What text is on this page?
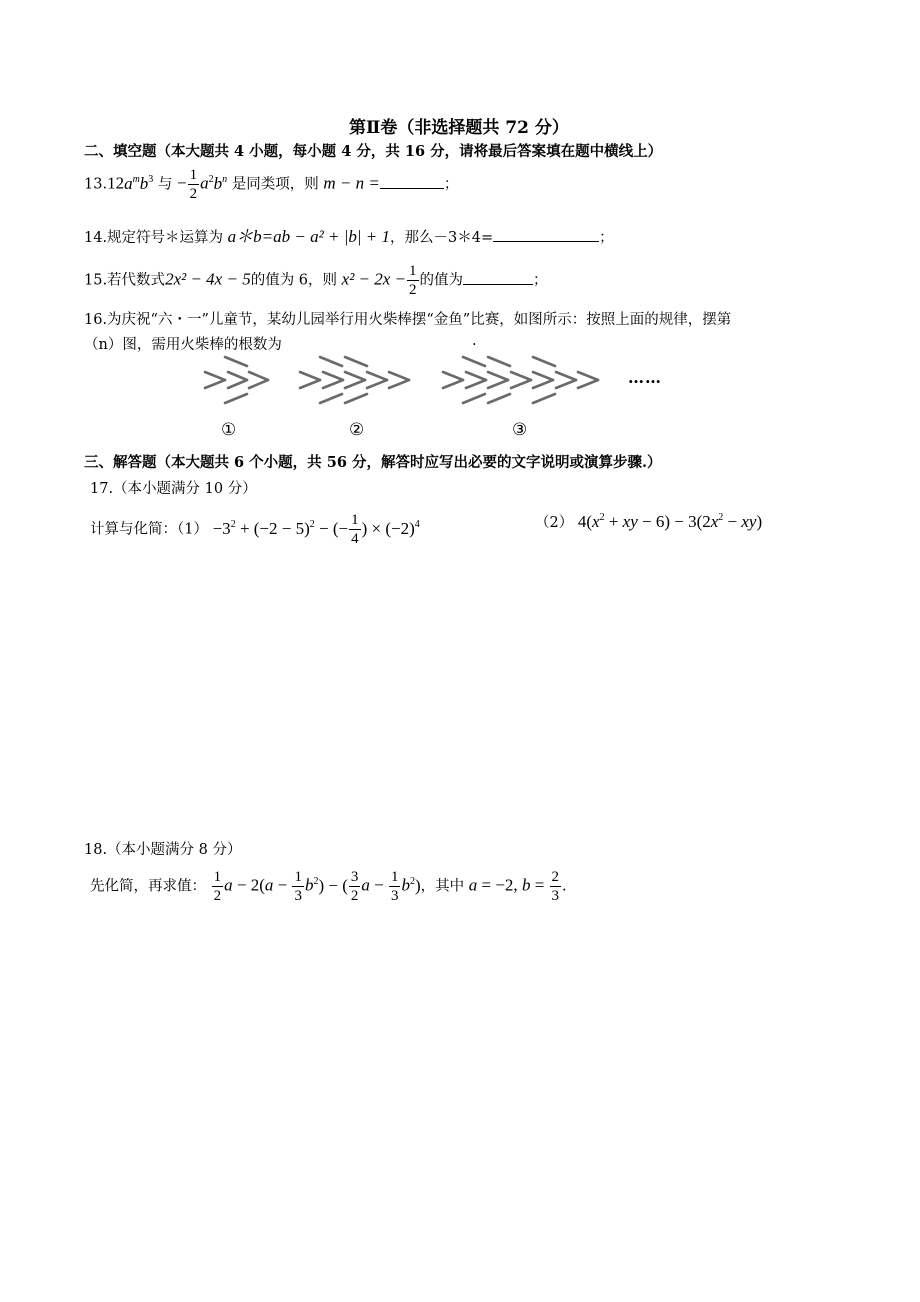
第Ⅱ卷（非选择题共 72 分）
二、填空题（本大题共 4 小题，每小题 4 分，共 16 分，请将最后答案填在题中横线上）
$13.12a^mb^3$ 与 − $\frac{1}{2} a^2b^n$ 是同类项，则 m − n =	；
14.规定符号＊运算为 a＊b=ab − a² + |b| + 1，那么－3＊4=	；
15.若代数式2x² − 4x − 5的值为 6，则 $x^2 - 2x - \frac{1}{2}$ 的值为	；
16.为庆祝“六・一”儿童节，某幼儿园举行用火柴棒摆“金鱼”比赛，如图所示：按照上面的规律，摆第
（n）图，需用火柴棒的根数为	.
……
①	②	③
三、解答题（本大题共 6 个小题，共 56 分，解答时应写出必要的文字说明或演算步骤.）
17.（本小题满分 10 分）
计算与化简：$(1) -3^2 + (-2 - 5)^2$ − (− $\frac{1}{4}$ ) × $(-2)^4$	（2） $4(x^2$ + xy − $6) - 3(2x^2 - xy)$
18.（本小题满分 8 分）
先化简，再求值： $\frac{1}{2}$ $a - 2(a - \frac{1}{3} b^2)$ − ( $\frac{3}{2}$ $a - \frac{1}{3} b^2$)，其中 a = −2, $b = \frac{2}{3}$ .
